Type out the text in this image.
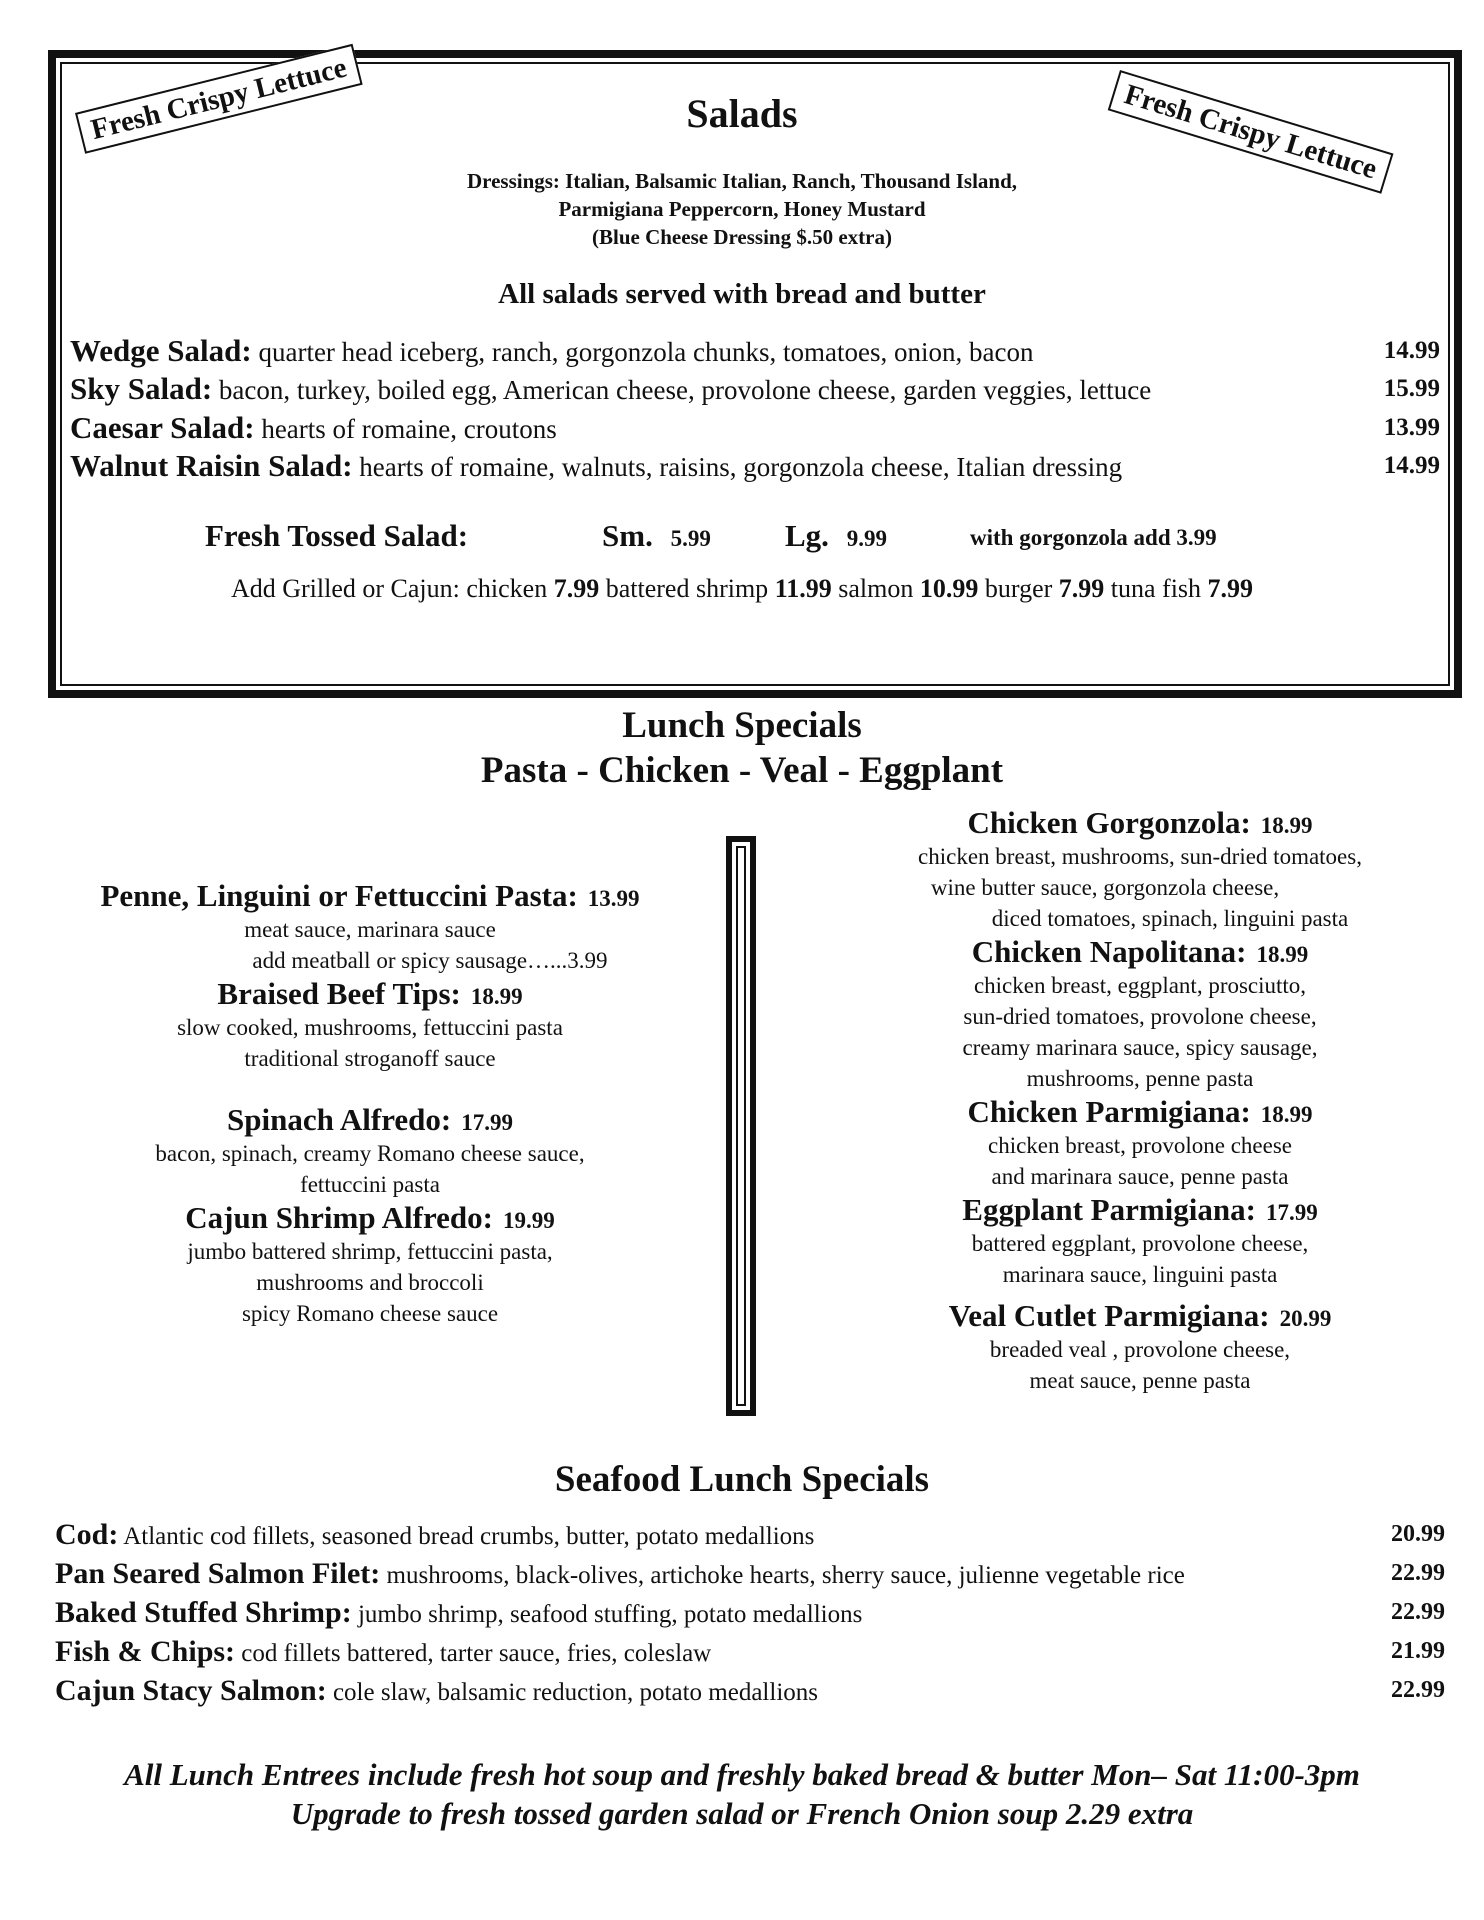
Fresh Crispy Lettuce	Fresh Crispy Lettuce
Salads
Dressings: Italian, Balsamic Italian, Ranch, Thousand Island,
Parmigiana Peppercorn, Honey Mustard
(Blue Cheese Dressing $.50 extra)
All salads served with bread and butter
Wedge Salad: quarter head iceberg, ranch, gorgonzola chunks, tomatoes, onion, bacon	14.99
Sky Salad: bacon, turkey, boiled egg, American cheese, provolone cheese, garden veggies, lettuce	15.99
Caesar Salad: hearts of romaine, croutons	13.99
Walnut Raisin Salad: hearts of romaine, walnuts, raisins, gorgonzola cheese, Italian dressing	14.99
Fresh Tossed Salad:	Sm. 5.99 Lg. 9.99	with gorgonzola add 3.99
Add Grilled or Cajun: chicken 7.99 battered shrimp 11.99 salmon 10.99 burger 7.99 tuna fish 7.99
Lunch Specials
Pasta - Chicken - Veal - Eggplant
Penne, Linguini or Fettuccini Pasta: 13.99
meat sauce, marinara sauce
add meatball or spicy sausage…...3.99
Braised Beef Tips: 18.99
slow cooked, mushrooms, fettuccini pasta
traditional stroganoff sauce
Spinach Alfredo: 17.99
bacon, spinach, creamy Romano cheese sauce,
fettuccini pasta
Cajun Shrimp Alfredo: 19.99
jumbo battered shrimp, fettuccini pasta,
mushrooms and broccoli
spicy Romano cheese sauce
Chicken Gorgonzola: 18.99
chicken breast, mushrooms, sun-dried tomatoes,
wine butter sauce, gorgonzola cheese,
diced tomatoes, spinach, linguini pasta
Chicken Napolitana: 18.99
chicken breast, eggplant, prosciutto,
sun-dried tomatoes, provolone cheese,
creamy marinara sauce, spicy sausage,
mushrooms, penne pasta
Chicken Parmigiana: 18.99
chicken breast, provolone cheese
and marinara sauce, penne pasta
Eggplant Parmigiana: 17.99
battered eggplant, provolone cheese,
marinara sauce, linguini pasta
Veal Cutlet Parmigiana: 20.99
breaded veal , provolone cheese,
meat sauce, penne pasta
Seafood Lunch Specials
Cod: Atlantic cod fillets, seasoned bread crumbs, butter, potato medallions	20.99
Pan Seared Salmon Filet: mushrooms, black-olives, artichoke hearts, sherry sauce, julienne vegetable rice	22.99
Baked Stuffed Shrimp: jumbo shrimp, seafood stuffing, potato medallions	22.99
Fish & Chips: cod fillets battered, tarter sauce, fries, coleslaw	21.99
Cajun Stacy Salmon: cole slaw, balsamic reduction, potato medallions	22.99
All Lunch Entrees include fresh hot soup and freshly baked bread & butter Mon– Sat 11:00-3pm
Upgrade to fresh tossed garden salad or French Onion soup 2.29 extra
